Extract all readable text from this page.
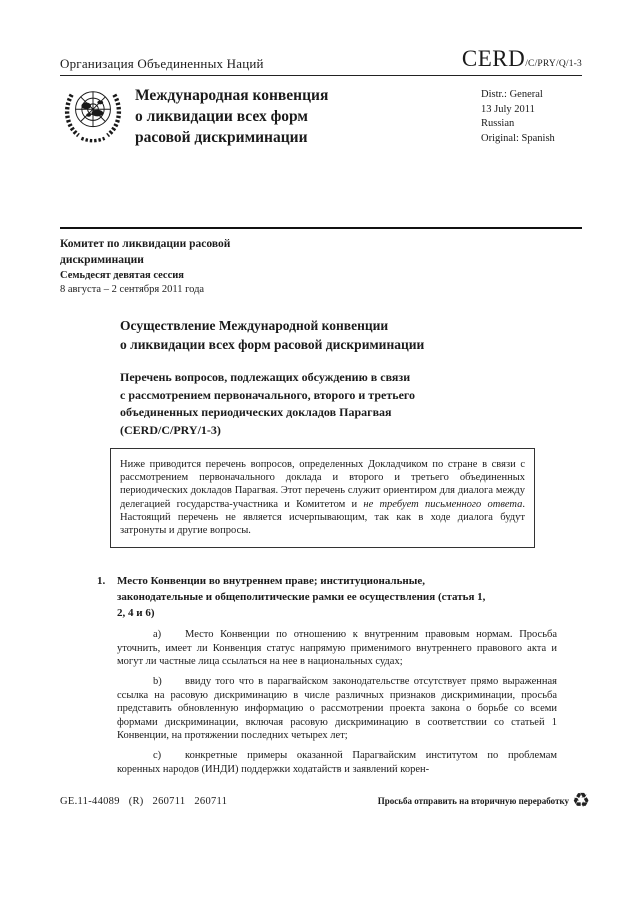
Организация Объединенных Наций	CERD/C/PRY/Q/1-3
Международная конвенция
о ликвидации всех форм
расовой дискриминации
Distr.: General
13 July 2011
Russian
Original: Spanish
Комитет по ликвидации расовой
дискриминации
Семьдесят девятая сессия
8 августа – 2 сентября 2011 года
Осуществление Международной конвенции
о ликвидации всех форм расовой дискриминации
Перечень вопросов, подлежащих обсуждению в связи
с рассмотрением первоначального, второго и третьего
объединенных периодических докладов Парагвая
(CERD/C/PRY/1-3)
Ниже приводится перечень вопросов, определенных Докладчиком по стране в связи с рассмотрением первоначального доклада и второго и третьего объединенных периодических докладов Парагвая. Этот перечень служит ориентиром для диалога между делегацией государства-участника и Комитетом и не требует письменного ответа. Настоящий перечень не является исчерпывающим, так как в ходе диалога будут затронуты и другие вопросы.
1.	Место Конвенции во внутреннем праве; институциональные,
законодательные и общеполитические рамки ее осуществления (статья 1,
2, 4 и 6)

a) Место Конвенции по отношению к внутренним правовым нормам. Просьба уточнить, имеет ли Конвенция статус напрямую применимого внутреннего правового акта и могут ли частные лица ссылаться на нее в национальных судах;

b) ввиду того что в парагвайском законодательстве отсутствует прямо выраженная ссылка на расовую дискриминацию в числе различных признаков дискриминации, просьба представить обновленную информацию о рассмотрении проекта закона о борьбе со всеми формами дискриминации, включая расовую дискриминацию в соответствии со статьей 1 Конвенции, на протяжении последних четырех лет;

c) конкретные примеры оказанной Парагвайским институтом по проблемам коренных народов (ИНДИ) поддержки ходатайств и заявлений корен-

GE.11-44089 (R) 260711 260711	Просьба отправить на вторичную переработку ♻
